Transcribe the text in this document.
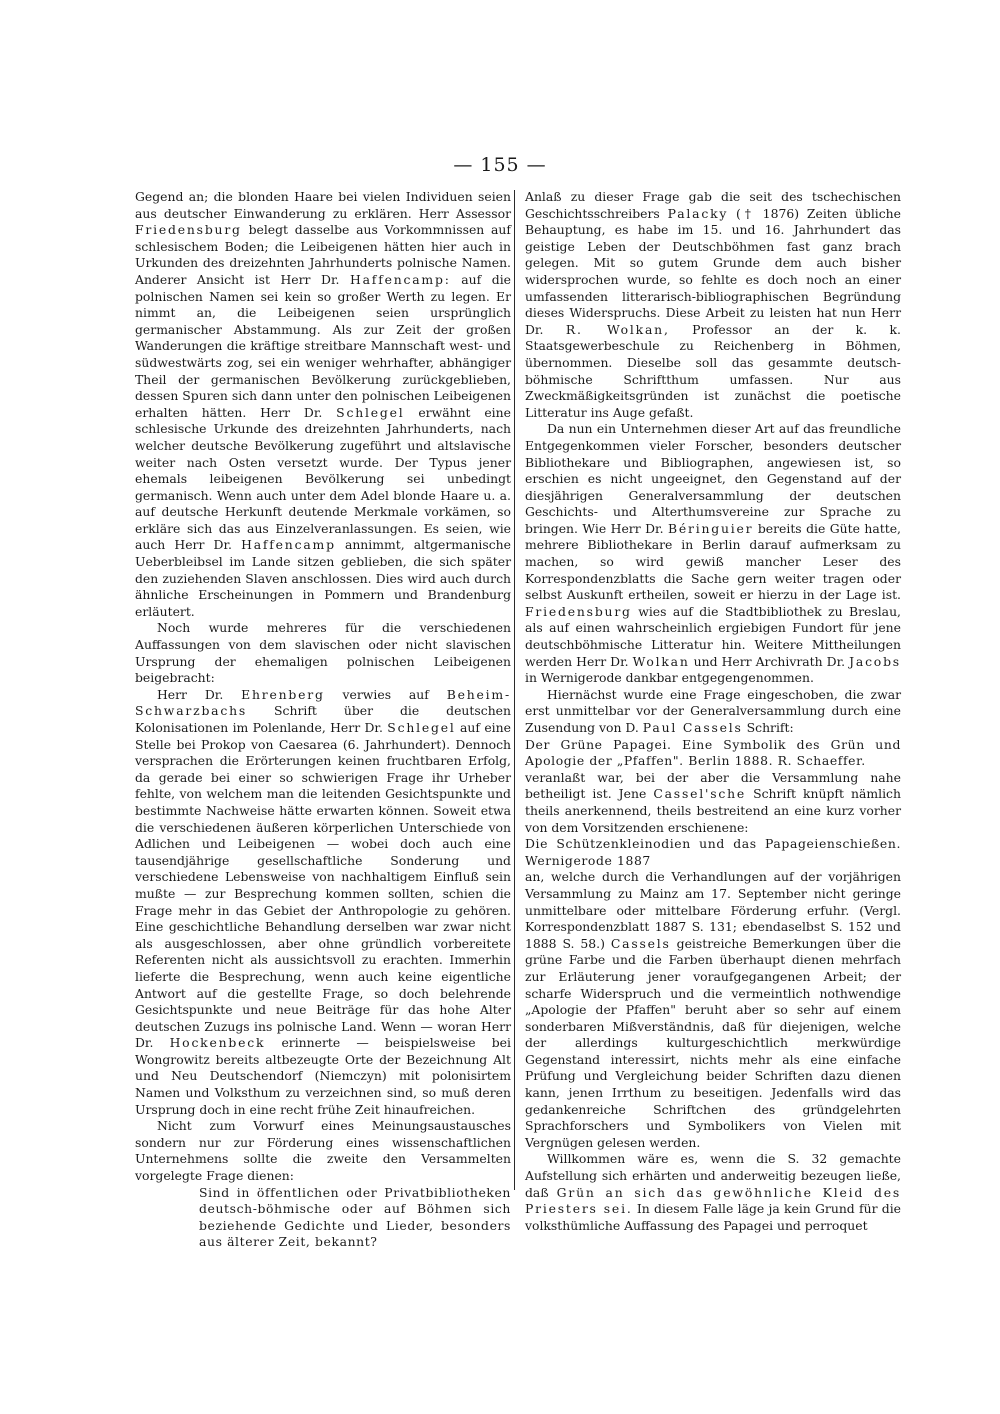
— 155 —

Gegend an; die blonden Haare bei vielen Individuen seien aus deutscher Einwanderung zu erklären. Herr Assessor Friedensburg belegt dasselbe aus Vorkommnissen auf schlesischem Boden; die Leibeigenen hätten hier auch in Urkunden des dreizehnten Jahrhunderts polnische Namen. Anderer Ansicht ist Herr Dr. Haffencamp: auf die polnischen Namen sei kein so großer Werth zu legen. Er nimmt an, die Leibeigenen seien ursprünglich germanischer Abstammung. Als zur Zeit der großen Wanderungen die kräftige streitbare Mannschaft west- und südwestwärts zog, sei ein weniger wehrhafter, abhängiger Theil der germanischen Bevölkerung zurückgeblieben, dessen Spuren sich dann unter den polnischen Leibeigenen erhalten hätten. Herr Dr. Schlegel erwähnt eine schlesische Urkunde des dreizehnten Jahrhunderts, nach welcher deutsche Bevölkerung zugeführt und altslavische weiter nach Osten versetzt wurde. Der Typus jener ehemals leibeigenen Bevölkerung sei unbedingt germanisch. Wenn auch unter dem Adel blonde Haare u. a. auf deutsche Herkunft deutende Merkmale vorkämen, so erkläre sich das aus Einzelveranlassungen. Es seien, wie auch Herr Dr. Haffencamp annimmt, altgermanische Ueberbleibsel im Lande sitzen geblieben, die sich später den zuziehenden Slaven anschlossen. Dies wird auch durch ähnliche Erscheinungen in Pommern und Brandenburg erläutert.

Noch wurde mehreres für die verschiedenen Auffassungen von dem slavischen oder nicht slavischen Ursprung der ehemaligen polnischen Leibeigenen beigebracht:

Herr Dr. Ehrenberg verwies auf Beheim-Schwarzbachs Schrift über die deutschen Kolonisationen im Polenlande, Herr Dr. Schlegel auf eine Stelle bei Prokop von Caesarea (6. Jahrhundert). Dennoch versprachen die Erörterungen keinen fruchtbaren Erfolg, da gerade bei einer so schwierigen Frage ihr Urheber fehlte, von welchem man die leitenden Gesichtspunkte und bestimmte Nachweise hätte erwarten können. Soweit etwa die verschiedenen äußeren körperlichen Unterschiede von Adlichen und Leibeigenen — wobei doch auch eine tausendjährige gesellschaftliche Sonderung und verschiedene Lebensweise von nachhaltigem Einfluß sein mußte — zur Besprechung kommen sollten, schien die Frage mehr in das Gebiet der Anthropologie zu gehören. Eine geschichtliche Behandlung derselben war zwar nicht als ausgeschlossen, aber ohne gründlich vorbereitete Referenten nicht als aussichtsvoll zu erachten. Immerhin lieferte die Besprechung, wenn auch keine eigentliche Antwort auf die gestellte Frage, so doch belehrende Gesichtspunkte und neue Beiträge für das hohe Alter deutschen Zuzugs ins polnische Land. Wenn — woran Herr Dr. Hockenbeck erinnerte — beispielsweise bei Wongrowitz bereits altbezeugte Orte der Bezeichnung Alt und Neu Deutschendorf (Niemczyn) mit polonisirtem Namen und Volksthum zu verzeichnen sind, so muß deren Ursprung doch in eine recht frühe Zeit hinaufreichen.

Nicht zum Vorwurf eines Meinungsaustausches sondern nur zur Förderung eines wissenschaftlichen Unternehmens sollte die zweite den Versammelten vorgelegte Frage dienen:

Sind in öffentlichen oder Privatbibliotheken deutsch-böhmische oder auf Böhmen sich beziehende Gedichte und Lieder, besonders aus älterer Zeit, bekannt?

Anlaß zu dieser Frage gab die seit des tschechischen Geschichtsschreibers Palacky († 1876) Zeiten übliche Behauptung, es habe im 15. und 16. Jahrhundert das geistige Leben der Deutschböhmen fast ganz brach gelegen. Mit so gutem Grunde dem auch bisher widersprochen wurde, so fehlte es doch noch an einer umfassenden litterarisch-bibliographischen Begründung dieses Widerspruchs. Diese Arbeit zu leisten hat nun Herr Dr. R. Wolkan, Professor an der k. k. Staatsgewerbeschule zu Reichenberg in Böhmen, übernommen. Dieselbe soll das gesammte deutsch-böhmische Schriftthum umfassen. Nur aus Zweckmäßigkeitsgründen ist zunächst die poetische Litteratur ins Auge gefaßt.

Da nun ein Unternehmen dieser Art auf das freundliche Entgegenkommen vieler Forscher, besonders deutscher Bibliothekare und Bibliographen, angewiesen ist, so erschien es nicht ungeeignet, den Gegenstand auf der diesjährigen Generalversammlung der deutschen Geschichts- und Alterthumsvereine zur Sprache zu bringen. Wie Herr Dr. Béringuier bereits die Güte hatte, mehrere Bibliothekare in Berlin darauf aufmerksam zu machen, so wird gewiß mancher Leser des Korrespondenzblatts die Sache gern weiter tragen oder selbst Auskunft ertheilen, soweit er hierzu in der Lage ist. Friedensburg wies auf die Stadtbibliothek zu Breslau, als auf einen wahrscheinlich ergiebigen Fundort für jene deutschböhmische Litteratur hin. Weitere Mittheilungen werden Herr Dr. Wolkan und Herr Archivrath Dr. Jacobs in Wernigerode dankbar entgegengenommen.

Hiernächst wurde eine Frage eingeschoben, die zwar erst unmittelbar vor der Generalversammlung durch eine Zusendung von D. Paul Cassels Schrift:

Der Grüne Papagei. Eine Symbolik des Grün und Apologie der „Pfaffen". Berlin 1888. R. Schaeffer.

veranlaßt war, bei der aber die Versammlung nahe betheiligt ist. Jene Cassel'sche Schrift knüpft nämlich theils anerkennend, theils bestreitend an eine kurz vorher von dem Vorsitzenden erschienene:

Die Schützenkleinodien und das Papageienschießen. Wernigerode 1887

an, welche durch die Verhandlungen auf der vorjährigen Versammlung zu Mainz am 17. September nicht geringe unmittelbare oder mittelbare Förderung erfuhr. (Vergl. Korrespondenzblatt 1887 S. 131; ebendaselbst S. 152 und 1888 S. 58.) Cassels geistreiche Bemerkungen über die grüne Farbe und die Farben überhaupt dienen mehrfach zur Erläuterung jener voraufgegangenen Arbeit; der scharfe Widerspruch und die vermeintlich nothwendige „Apologie der Pfaffen" beruht aber so sehr auf einem sonderbaren Mißverständnis, daß für diejenigen, welche der allerdings kulturgeschichtlich merkwürdige Gegenstand interessirt, nichts mehr als eine einfache Prüfung und Vergleichung beider Schriften dazu dienen kann, jenen Irrthum zu beseitigen. Jedenfalls wird das gedankenreiche Schriftchen des gründgelehrten Sprachforschers und Symbolikers von Vielen mit Vergnügen gelesen werden.

Willkommen wäre es, wenn die S. 32 gemachte Aufstellung sich erhärten und anderweitig bezeugen ließe, daß Grün an sich das gewöhnliche Kleid des Priesters sei. In diesem Falle läge ja kein Grund für die volksthümliche Auffassung des Papagei und perroquet
